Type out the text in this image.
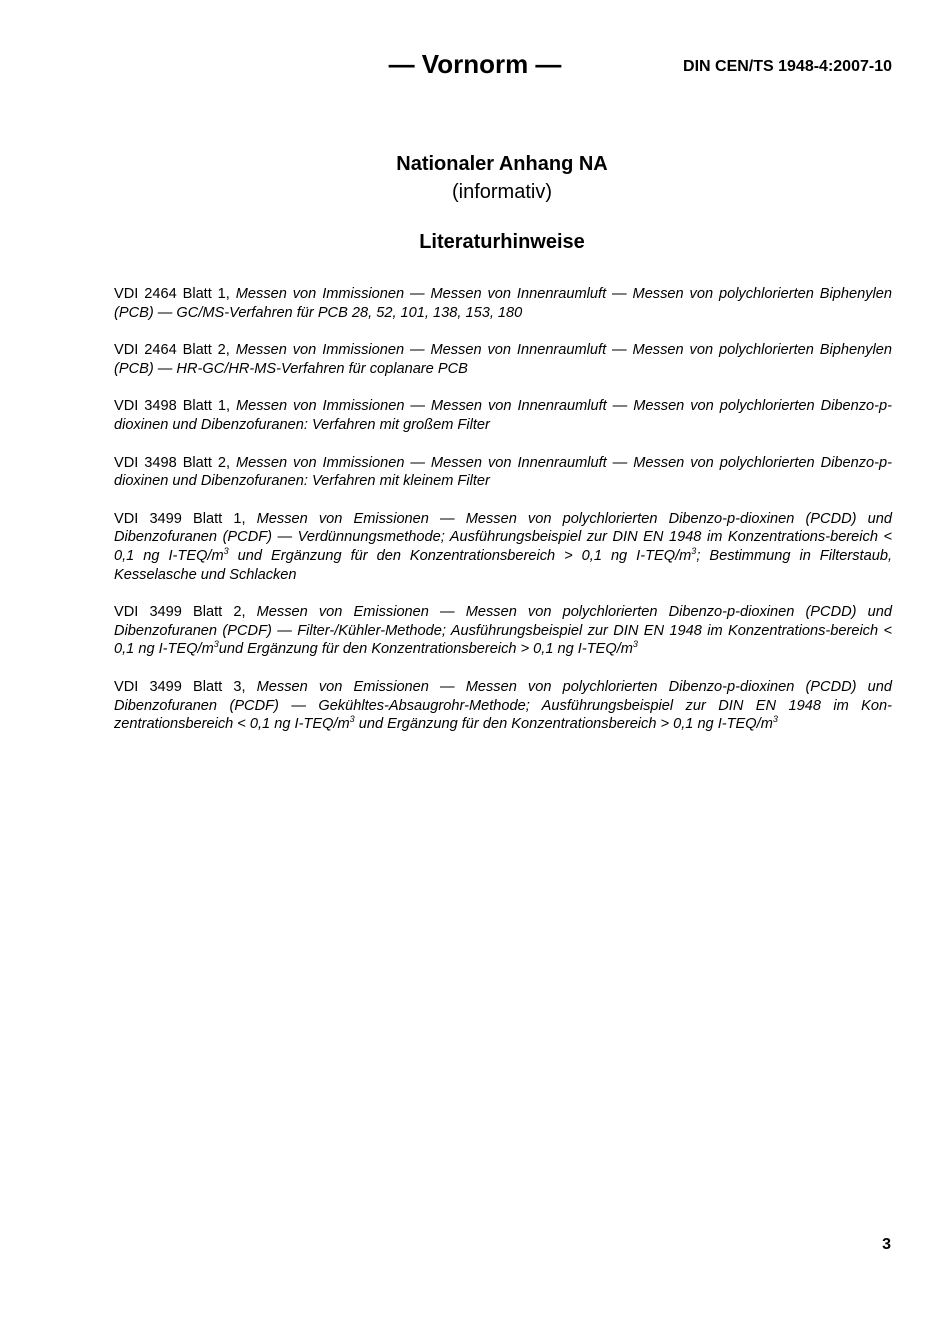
— Vornorm —	DIN CEN/TS 1948-4:2007-10

Nationaler Anhang NA

(informativ)

Literaturhinweise

VDI 2464 Blatt 1, Messen von Immissionen — Messen von Innenraumluft — Messen von polychlorierten Biphenylen (PCB) — GC/MS-Verfahren für PCB 28, 52, 101, 138, 153, 180

VDI 2464 Blatt 2, Messen von Immissionen — Messen von Innenraumluft — Messen von polychlorierten Biphenylen (PCB) — HR-GC/HR-MS-Verfahren für coplanare PCB

VDI 3498 Blatt 1, Messen von Immissionen — Messen von Innenraumluft — Messen von polychlorierten Dibenzo-p-dioxinen und Dibenzofuranen: Verfahren mit großem Filter

VDI 3498 Blatt 2, Messen von Immissionen — Messen von Innenraumluft — Messen von polychlorierten Dibenzo-p-dioxinen und Dibenzofuranen: Verfahren mit kleinem Filter

VDI 3499 Blatt 1, Messen von Emissionen — Messen von polychlorierten Dibenzo-p-dioxinen (PCDD) und Dibenzofuranen (PCDF) — Verdünnungsmethode; Ausführungsbeispiel zur DIN EN 1948 im Konzentrations-bereich < 0,1 ng $I-TEQ/m^3$ und Ergänzung für den Konzentrationsbereich > 0,1 ng $I-TEQ/m^3$; Bestimmung in Filterstaub, Kesselasche und Schlacken

VDI 3499 Blatt 2, Messen von Emissionen — Messen von polychlorierten Dibenzo-p-dioxinen (PCDD) und Dibenzofuranen (PCDF) — Filter-/Kühler-Methode; Ausführungsbeispiel zur DIN EN 1948 im Konzentrations-bereich < 0,1 ng $I-TEQ/m^3und$ Ergänzung für den Konzentrationsbereich > 0,1 ng $I-TEQ/m^3$

VDI 3499 Blatt 3, Messen von Emissionen — Messen von polychlorierten Dibenzo-p-dioxinen (PCDD) und Dibenzofuranen (PCDF) — Gekühltes-Absaugrohr-Methode; Ausführungsbeispiel zur DIN EN 1948 im Kon-zentrationsbereich < 0,1 ng $I-TEQ/m^3$ und Ergänzung für den Konzentrationsbereich > 0,1 ng $I-TEQ/m^3$

3
